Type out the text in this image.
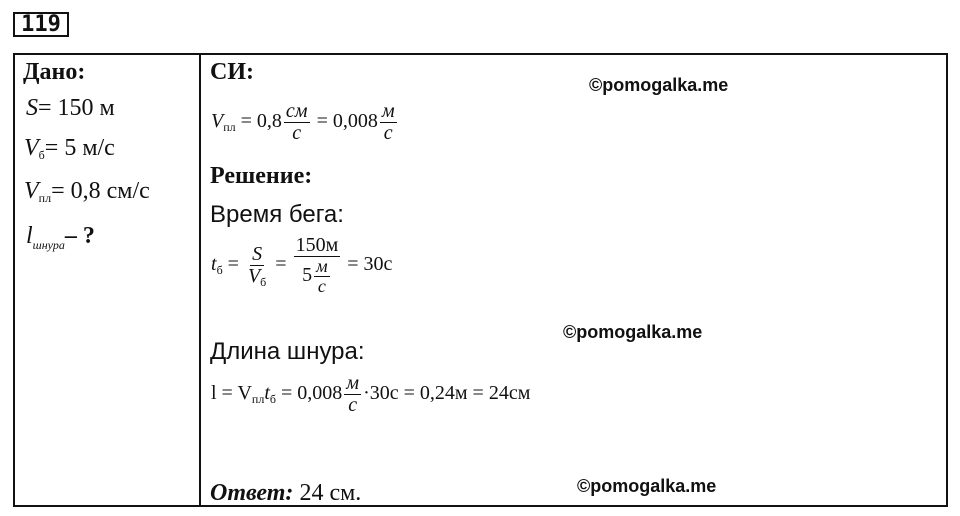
119
Дано:
S= 150 м
Vб= 5 м/с
Vпл= 0,8 см/с
$l_{шнура}-$ ?
СИ:
$V_{пл} = 0,8 \frac{см}{с} = 0,008 \frac{м}{с}$
Решение:
Время бега:
$t_б = \frac{S}{V_б} = \frac{150м}{5 \frac{м}{с}} = 30с$
Длина шнура:
$l = V_{пл}t_б = 0,008 \frac{м}{с} \cdot 30с = 0,24м = 24см$
Ответ: 24 см.
©pomogalka.me
©pomogalka.me
©pomogalka.me
